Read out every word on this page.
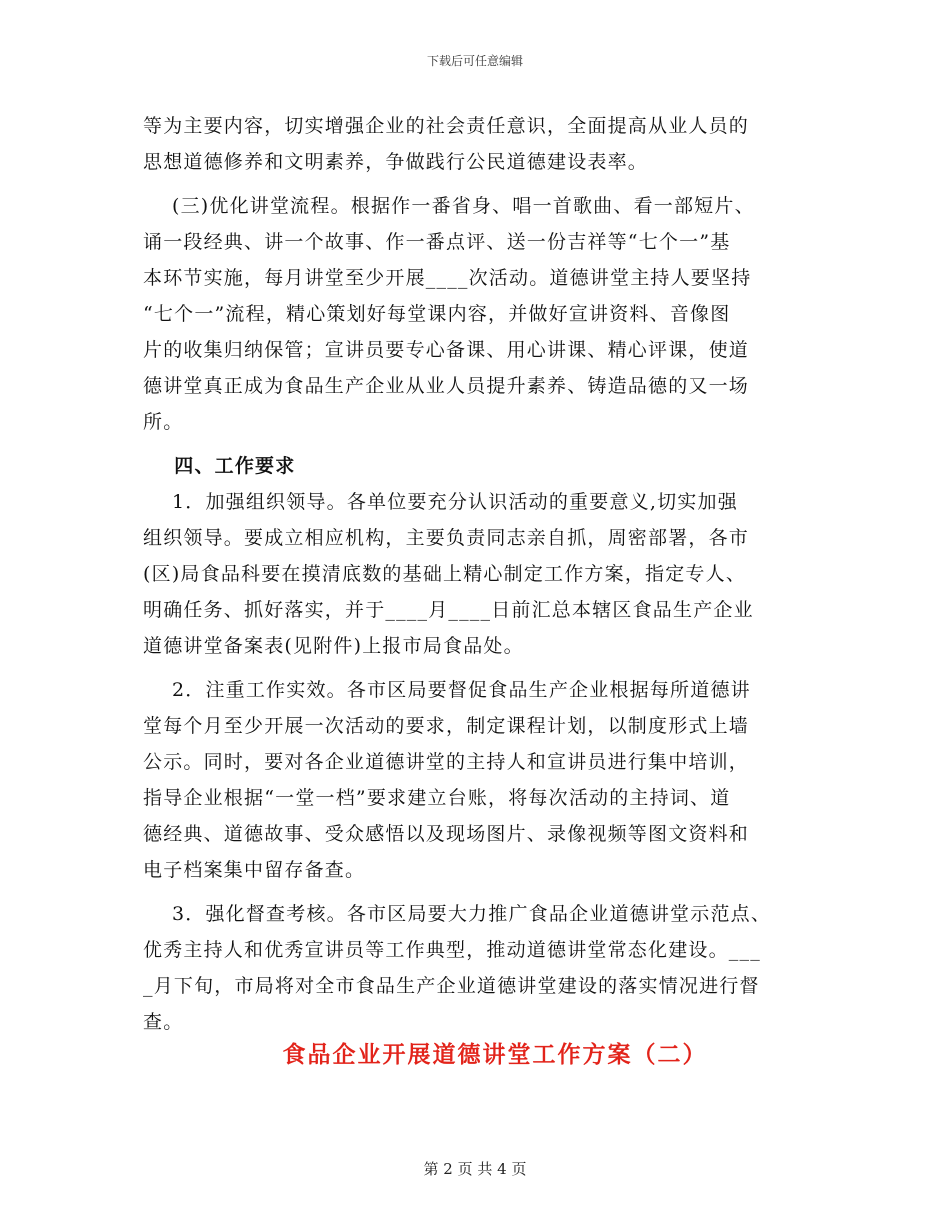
下载后可任意编辑
等为主要内容，切实增强企业的社会责任意识，全面提高从业人员的
思想道德修养和文明素养，争做践行公民道德建设表率。
(三)优化讲堂流程。根据作一番省身、唱一首歌曲、看一部短片、
诵一段经典、讲一个故事、作一番点评、送一份吉祥等“七个一”基
本环节实施，每月讲堂至少开展____次活动。道德讲堂主持人要坚持
“七个一”流程，精心策划好每堂课内容，并做好宣讲资料、音像图
片的收集归纳保管；宣讲员要专心备课、用心讲课、精心评课，使道
德讲堂真正成为食品生产企业从业人员提升素养、铸造品德的又一场
所。
四、工作要求
1．加强组织领导。各单位要充分认识活动的重要意义,切实加强
组织领导。要成立相应机构，主要负责同志亲自抓，周密部署，各市
(区)局食品科要在摸清底数的基础上精心制定工作方案，指定专人、
明确任务、抓好落实，并于____月____日前汇总本辖区食品生产企业
道德讲堂备案表(见附件)上报市局食品处。
2．注重工作实效。各市区局要督促食品生产企业根据每所道德讲
堂每个月至少开展一次活动的要求，制定课程计划，以制度形式上墙
公示。同时，要对各企业道德讲堂的主持人和宣讲员进行集中培训，
指导企业根据“一堂一档”要求建立台账，将每次活动的主持词、道
德经典、道德故事、受众感悟以及现场图片、录像视频等图文资料和
电子档案集中留存备查。
3．强化督查考核。各市区局要大力推广食品企业道德讲堂示范点、
优秀主持人和优秀宣讲员等工作典型，推动道德讲堂常态化建设。___
_月下旬，市局将对全市食品生产企业道德讲堂建设的落实情况进行督
查。
食品企业开展道德讲堂工作方案（二）
第 2 页 共 4 页
